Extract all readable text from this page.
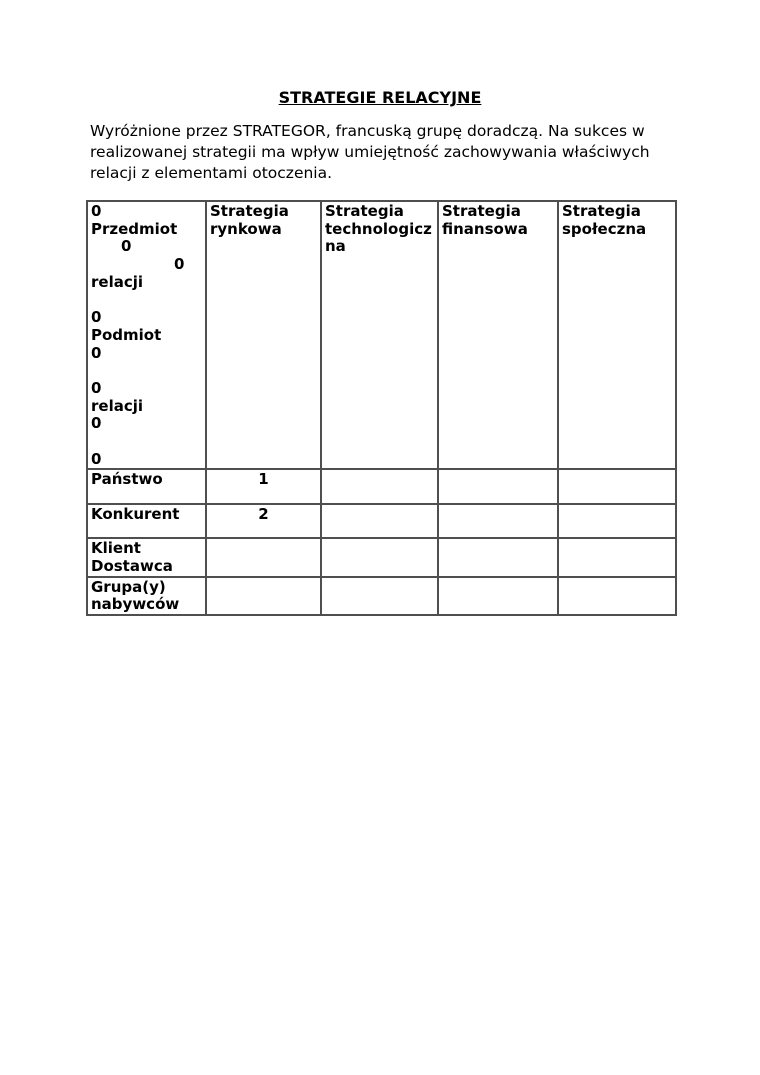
STRATEGIE RELACYJNE
Wyróżnione przez STRATEGOR, francuską grupę doradczą. Na sukces w
realizowanej strategii ma wpływ umiejętność zachowywania właściwych
relacji z elementami otoczenia.
0
Przedmiot
0
0
relacji
0
Podmiot
0
0
relacji
0
0
	Strategia rynkowa	Strategia technologiczna	Strategia finansowa	Strategia społeczna
Państwo	1			
Konkurent	2			
Klient Dostawca				
Grupa(y) nabywców				
